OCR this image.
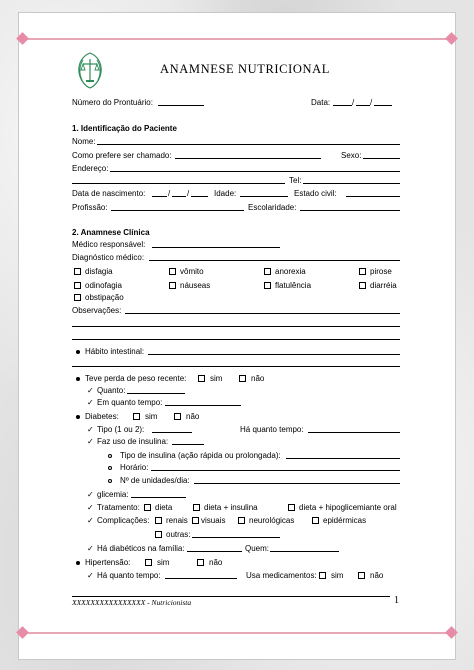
ANAMNESE NUTRICIONAL
Número do Prontuário:	Data:	/ /
1. Identificação do Paciente
Nome:
Como prefere ser chamado:	Sexo:
Endereço:
Tel:
Data de nascimento:	/ /	Idade:	Estado civil:
Profissão:	Escolaridade:
2. Anamnese Clínica
Médico responsável:
Diagnóstico médico:
disfagia	vômito	anorexia	pirose
odinofagia	náuseas	flatulência	diarréia
obstipação
Observações:
Hábito intestinal:
Teve perda de peso recente:	sim	não
✓ Quanto:
✓ Em quanto tempo:
Diabetes:	sim	não
✓ Tipo (1 ou 2):	Há quanto tempo:
✓ Faz uso de insulina:
Tipo de insulina (ação rápida ou prolongada):
Horário:
Nº de unidades/dia:
✓ glicemia:
✓ Tratamento: dieta	dieta + insulina	dieta + hipoglicemiante oral
✓ Complicações: renais visuais	neurológicas	epidérmicas
outras:
✓ Há diabéticos na família:	Quem:
Hipertensão:	sim	não
✓ Há quanto tempo:	Usa medicamentos: sim	não
XXXXXXXXXXXXXXXX - Nutricionista	1
